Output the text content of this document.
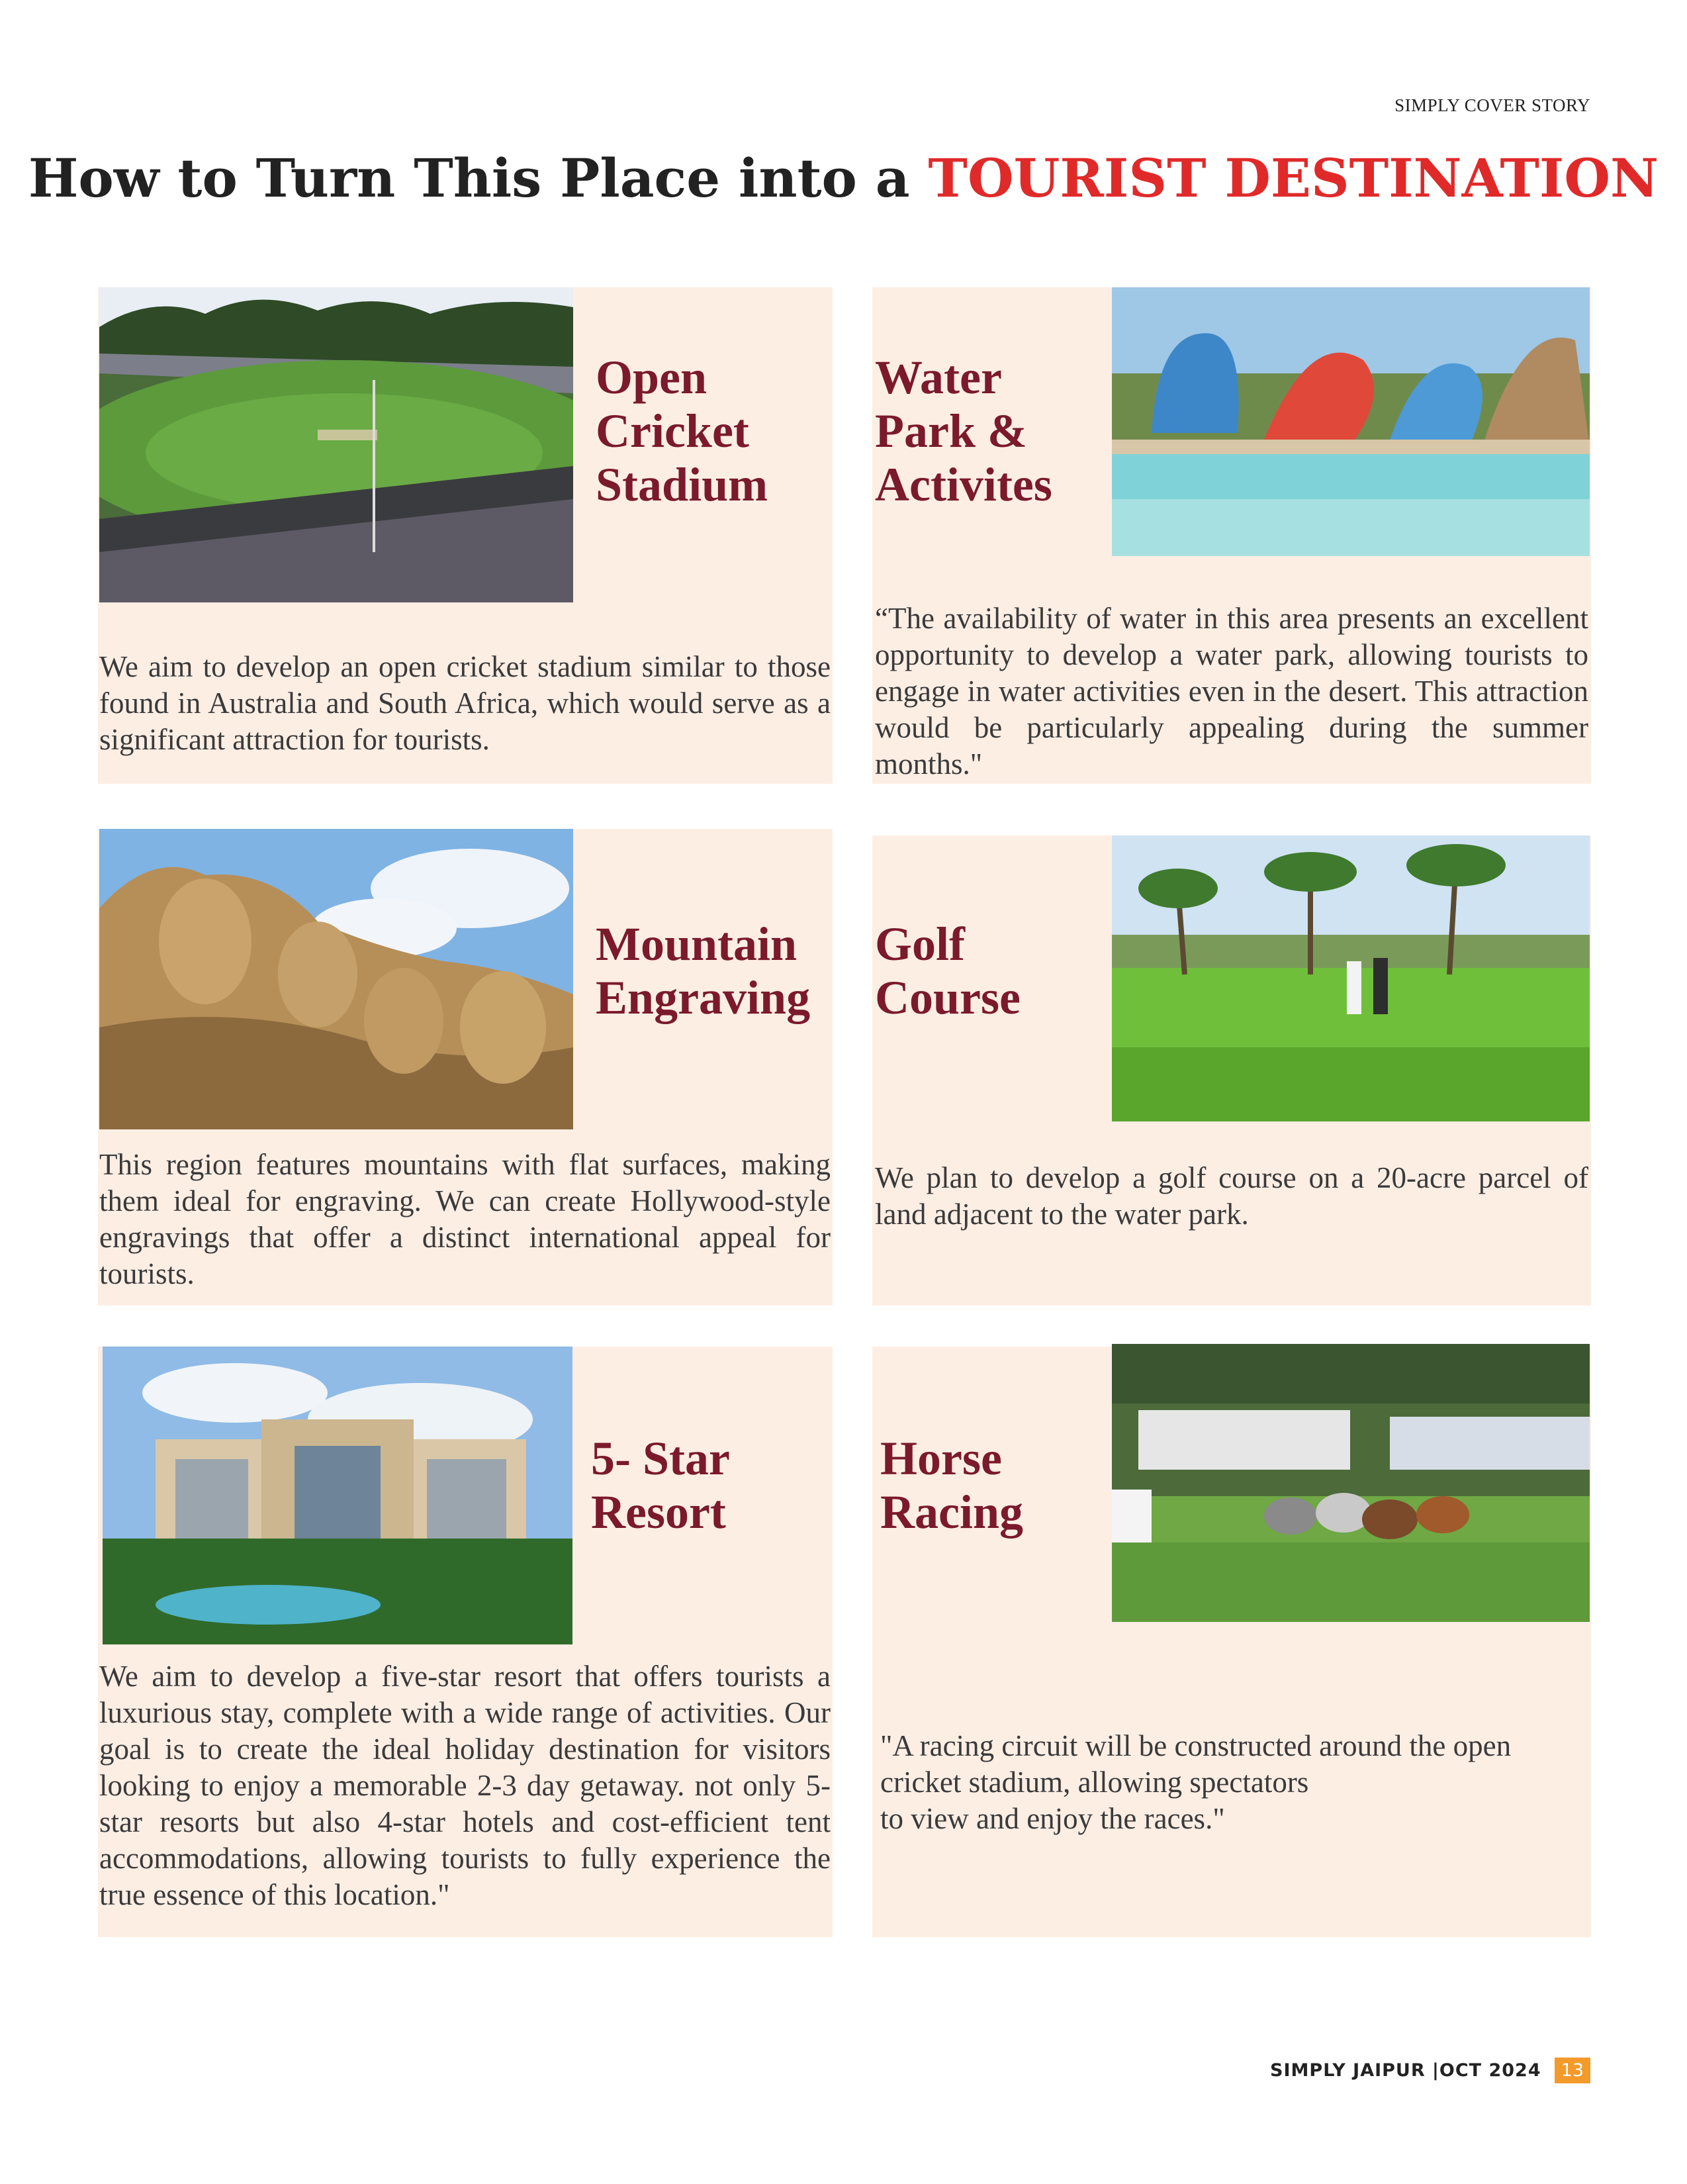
SIMPLY COVER STORY
How to Turn This Place into a TOURIST DESTINATION
Open
Cricket
Stadium

We aim to develop an open cricket stadium similar to those found in Australia and South Africa, which would serve as a significant attraction for tourists.

Water
Park &
Activites

“The availability of water in this area presents an excellent opportunity to develop a water park, allowing tourists to engage in water activities even in the desert. This attraction would be particularly appealing during the summer months."

Mountain
Engraving

This region features mountains with flat surfaces, making them ideal for engraving. We can create Hollywood-style engravings that offer a distinct international appeal for tourists.

Golf
Course

We plan to develop a golf course on a 20-acre parcel of land adjacent to the water park.

5- Star
Resort

We aim to develop a five-star resort that offers tourists a luxurious stay, complete with a wide range of activities. Our goal is to create the ideal holiday destination for visitors looking to enjoy a memorable 2-3 day getaway. not only 5-star resorts but also 4-star hotels and cost-efficient tent accommodations, allowing tourists to fully experience the true essence of this location."

Horse
Racing

"A racing circuit will be constructed around the open cricket stadium, allowing spectators
to view and enjoy the races."

SIMPLY JAIPUR |OCT 2024	13
